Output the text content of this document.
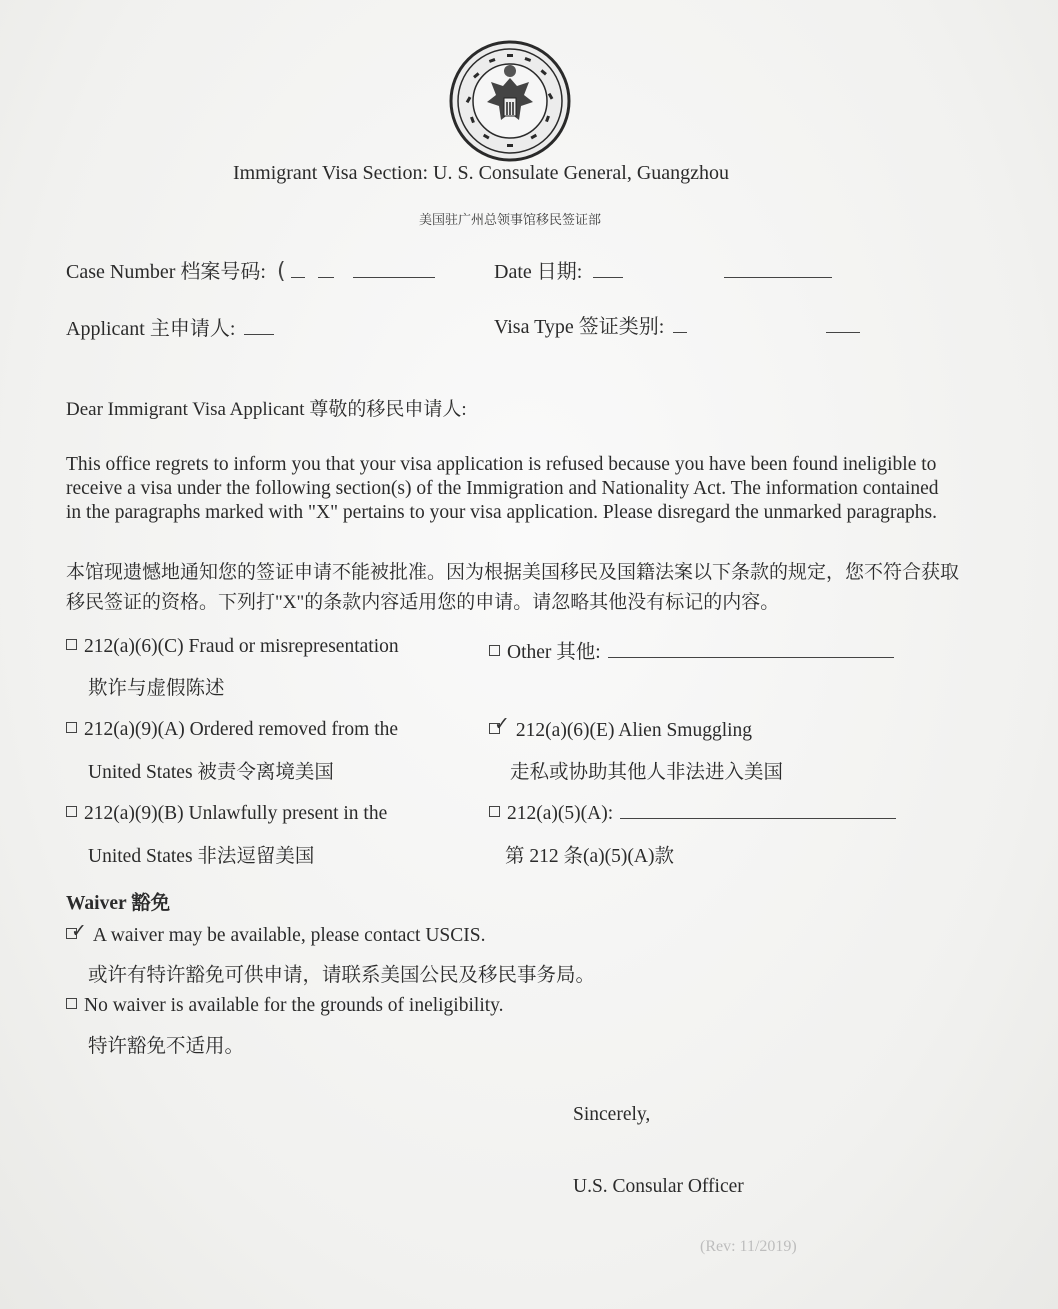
Immigrant Visa Section: U. S. Consulate General, Guangzhou
美国驻广州总领事馆移民签证部
Case Number 档案号码: (	Date 日期:
Applicant 主申请人:	Visa Type 签证类别:
Dear Immigrant Visa Applicant 尊敬的移民申请人:
This office regrets to inform you that your visa application is refused because you have been found ineligible to receive a visa under the following section(s) of the Immigration and Nationality Act. The information contained in the paragraphs marked with "X" pertains to your visa application. Please disregard the unmarked paragraphs.
本馆现遗憾地通知您的签证申请不能被批准。因为根据美国移民及国籍法案以下条款的规定，您不符合获取移民签证的资格。下列打"X"的条款内容适用您的申请。请忽略其他没有标记的内容。
212(a)(6)(C) Fraud or misrepresentation
欺诈与虚假陈述
212(a)(9)(A) Ordered removed from the
United States 被责令离境美国
212(a)(9)(B) Unlawfully present in the
United States 非法逗留美国
Other 其他:
✓ 212(a)(6)(E) Alien Smuggling
走私或协助其他人非法进入美国
212(a)(5)(A):
第 212 条(a)(5)(A)款
Waiver 豁免
✓ A waiver may be available, please contact USCIS.
或许有特许豁免可供申请，请联系美国公民及移民事务局。
No waiver is available for the grounds of ineligibility.
特许豁免不适用。
Sincerely,
U.S. Consular Officer
(Rev: 11/2019)
